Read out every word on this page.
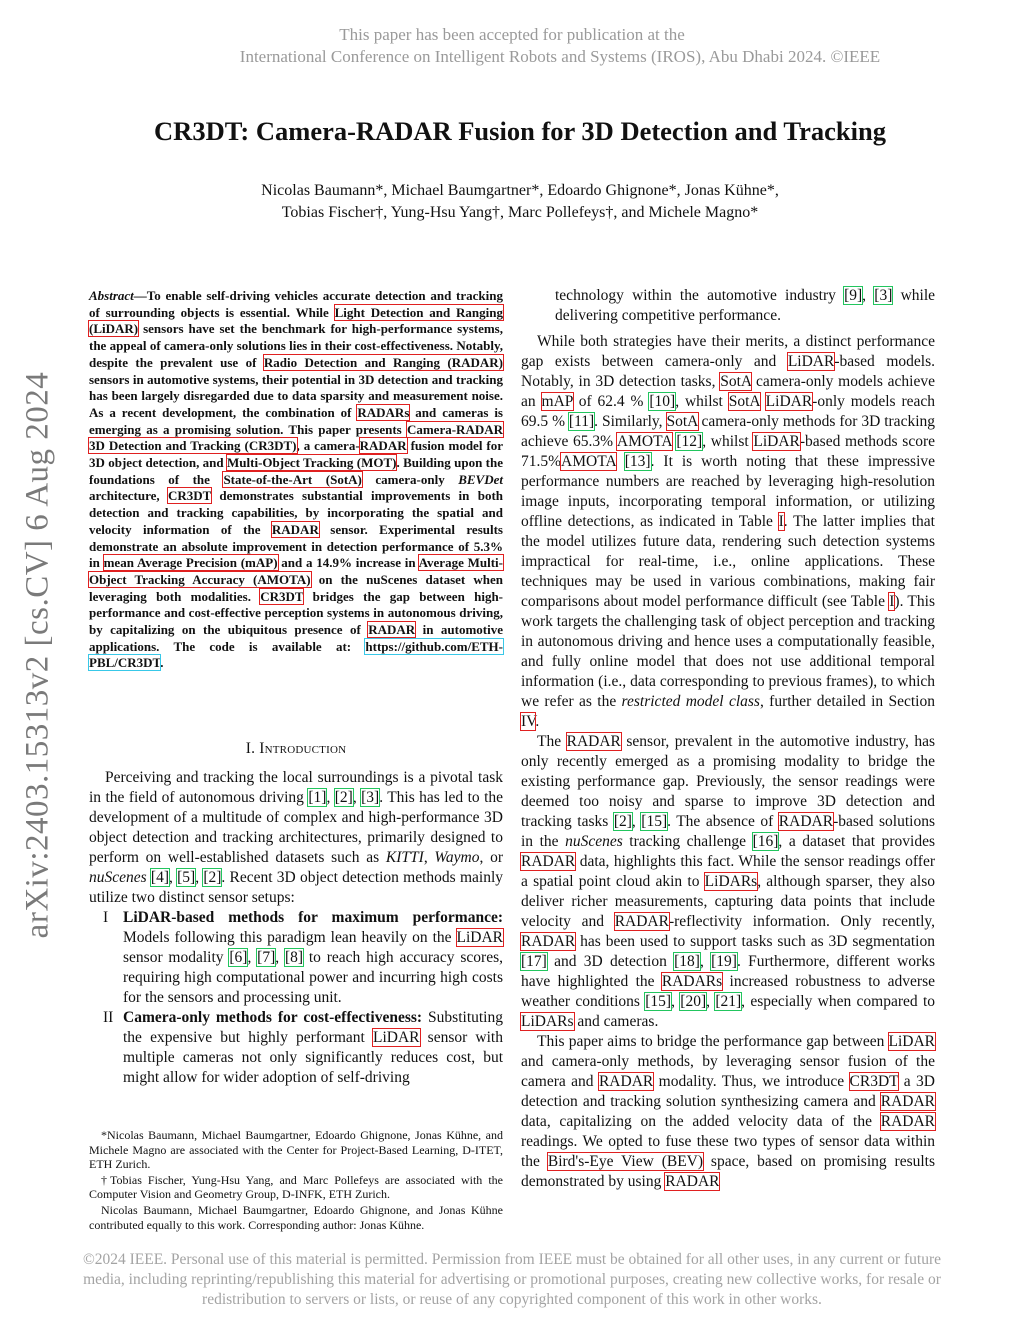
This paper has been accepted for publication at the
International Conference on Intelligent Robots and Systems (IROS), Abu Dhabi 2024. ©IEEE
CR3DT: Camera-RADAR Fusion for 3D Detection and Tracking
Nicolas Baumann*, Michael Baumgartner*, Edoardo Ghignone*, Jonas Kühne*,
Tobias Fischer†, Yung-Hsu Yang†, Marc Pollefeys†, and Michele Magno*
arXiv:2403.15313v2 [cs.CV] 6 Aug 2024
Abstract—To enable self-driving vehicles accurate detection and tracking of surrounding objects is essential. While Light Detection and Ranging (LiDAR) sensors have set the benchmark for high-performance systems, the appeal of camera-only solutions lies in their cost-effectiveness. Notably, despite the prevalent use of Radio Detection and Ranging (RADAR) sensors in automotive systems, their potential in 3D detection and tracking has been largely disregarded due to data sparsity and measurement noise. As a recent development, the combination of RADARs and cameras is emerging as a promising solution. This paper presents Camera-RADAR 3D Detection and Tracking (CR3DT), a camera-RADAR fusion model for 3D object detection, and Multi-Object Tracking (MOT). Building upon the foundations of the State-of-the-Art (SotA) camera-only BEVDet architecture, CR3DT demonstrates substantial improvements in both detection and tracking capabilities, by incorporating the spatial and velocity information of the RADAR sensor. Experimental results demonstrate an absolute improvement in detection performance of 5.3% in mean Average Precision (mAP) and a 14.9% increase in Average Multi-Object Tracking Accuracy (AMOTA) on the nuScenes dataset when leveraging both modalities. CR3DT bridges the gap between high-performance and cost-effective perception systems in autonomous driving, by capitalizing on the ubiquitous presence of RADAR in automotive applications. The code is available at: https://github.com/ETH-PBL/CR3DT.
I. Introduction

Perceiving and tracking the local surroundings is a pivotal task in the field of autonomous driving [1], [2], [3]. This has led to the development of a multitude of complex and high-performance 3D object detection and tracking architectures, primarily designed to perform on well-established datasets such as KITTI, Waymo, or nuScenes [4], [5], [2]. Recent 3D object detection methods mainly utilize two distinct sensor setups:

I LiDAR-based methods for maximum performance: Models following this paradigm lean heavily on the LiDAR sensor modality [6], [7], [8] to reach high accuracy scores, requiring high computational power and incurring high costs for the sensors and processing unit.
II Camera-only methods for cost-effectiveness: Substituting the expensive but highly performant LiDAR sensor with multiple cameras not only significantly reduces cost, but might allow for wider adoption of self-driving

*Nicolas Baumann, Michael Baumgartner, Edoardo Ghignone, Jonas Kühne, and Michele Magno are associated with the Center for Project-Based Learning, D-ITET, ETH Zurich.

†Tobias Fischer, Yung-Hsu Yang, and Marc Pollefeys are associated with the Computer Vision and Geometry Group, D-INFK, ETH Zurich.

Nicolas Baumann, Michael Baumgartner, Edoardo Ghignone, and Jonas Kühne contributed equally to this work. Corresponding author: Jonas Kühne.

technology within the automotive industry [9], [3] while delivering competitive performance.

While both strategies have their merits, a distinct performance gap exists between camera-only and LiDAR-based models. Notably, in 3D detection tasks, SotA camera-only models achieve an mAP of 62.4 % [10], whilst SotA LiDAR-only models reach 69.5 % [11]. Similarly, SotA camera-only methods for 3D tracking achieve 65.3% AMOTA [12], whilst LiDAR-based methods score 71.5%AMOTA [13]. It is worth noting that these impressive performance numbers are reached by leveraging high-resolution image inputs, incorporating temporal information, or utilizing offline detections, as indicated in Table I. The latter implies that the model utilizes future data, rendering such detection systems impractical for real-time, i.e., online applications. These techniques may be used in various combinations, making fair comparisons about model performance difficult (see Table I). This work targets the challenging task of object perception and tracking in autonomous driving and hence uses a computationally feasible, and fully online model that does not use additional temporal information (i.e., data corresponding to previous frames), to which we refer as the restricted model class, further detailed in Section IV.

The RADAR sensor, prevalent in the automotive industry, has only recently emerged as a promising modality to bridge the existing performance gap. Previously, the sensor readings were deemed too noisy and sparse to improve 3D detection and tracking tasks [2], [15]. The absence of RADAR-based solutions in the nuScenes tracking challenge [16], a dataset that provides RADAR data, highlights this fact. While the sensor readings offer a spatial point cloud akin to LiDARs, although sparser, they also deliver richer measurements, capturing data points that include velocity and RADAR-reflectivity information. Only recently, RADAR has been used to support tasks such as 3D segmentation [17] and 3D detection [18], [19]. Furthermore, different works have highlighted the RADARs increased robustness to adverse weather conditions [15], [20], [21], especially when compared to LiDARs and cameras.

This paper aims to bridge the performance gap between LiDAR and camera-only methods, by leveraging sensor fusion of the camera and RADAR modality. Thus, we introduce CR3DT a 3D detection and tracking solution synthesizing camera and RADAR data, capitalizing on the added velocity data of the RADAR readings. We opted to fuse these two types of sensor data within the Bird's-Eye View (BEV) space, based on promising results demonstrated by using RADAR

©2024 IEEE. Personal use of this material is permitted. Permission from IEEE must be obtained for all other uses, in any current or future
media, including reprinting/republishing this material for advertising or promotional purposes, creating new collective works, for resale or
redistribution to servers or lists, or reuse of any copyrighted component of this work in other works.
